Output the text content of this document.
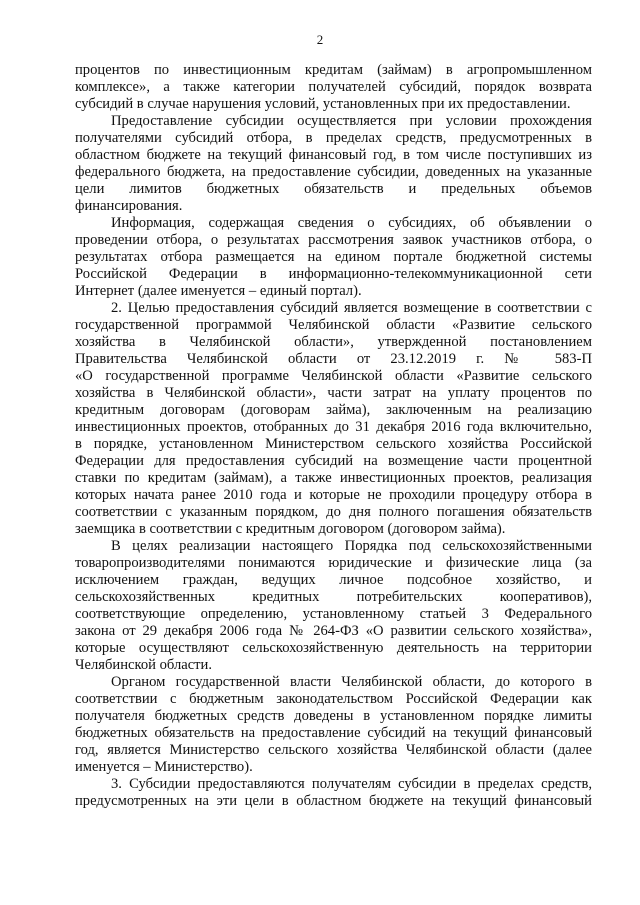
2
процентов по инвестиционным кредитам (займам) в агропромышленном
комплексе», а также категории получателей субсидий, порядок возврата
субсидий в случае нарушения условий, установленных при их предоставлении.
Предоставление субсидии осуществляется при условии прохождения
получателями субсидий отбора, в пределах средств, предусмотренных в
областном бюджете на текущий финансовый год, в том числе поступивших из
федерального бюджета, на предоставление субсидии, доведенных на указанные
цели лимитов бюджетных обязательств и предельных объемов
финансирования.
Информация, содержащая сведения о субсидиях, об объявлении о
проведении отбора, о результатах рассмотрения заявок участников отбора, о
результатах отбора размещается на едином портале бюджетной системы
Российской Федерации в информационно-телекоммуникационной сети
Интернет (далее именуется – единый портал).
2. Целью предоставления субсидий является возмещение в соответствии с
государственной программой Челябинской области «Развитие сельского
хозяйства в Челябинской области», утвержденной постановлением
Правительства Челябинской области от 23.12.2019 г. № 583-П
«О государственной программе Челябинской области «Развитие сельского
хозяйства в Челябинской области», части затрат на уплату процентов по
кредитным договорам (договорам займа), заключенным на реализацию
инвестиционных проектов, отобранных до 31 декабря 2016 года включительно,
в порядке, установленном Министерством сельского хозяйства Российской
Федерации для предоставления субсидий на возмещение части процентной
ставки по кредитам (займам), а также инвестиционных проектов, реализация
которых начата ранее 2010 года и которые не проходили процедуру отбора в
соответствии с указанным порядком, до дня полного погашения обязательств
заемщика в соответствии с кредитным договором (договором займа).
В целях реализации настоящего Порядка под сельскохозяйственными
товаропроизводителями понимаются юридические и физические лица (за
исключением граждан, ведущих личное подсобное хозяйство, и
сельскохозяйственных кредитных потребительских кооперативов),
соответствующие определению, установленному статьей 3 Федерального
закона от 29 декабря 2006 года № 264-ФЗ «О развитии сельского хозяйства»,
которые осуществляют сельскохозяйственную деятельность на территории
Челябинской области.
Органом государственной власти Челябинской области, до которого в
соответствии с бюджетным законодательством Российской Федерации как
получателя бюджетных средств доведены в установленном порядке лимиты
бюджетных обязательств на предоставление субсидий на текущий финансовый
год, является Министерство сельского хозяйства Челябинской области (далее
именуется – Министерство).
3. Субсидии предоставляются получателям субсидии в пределах средств,
предусмотренных на эти цели в областном бюджете на текущий финансовый
